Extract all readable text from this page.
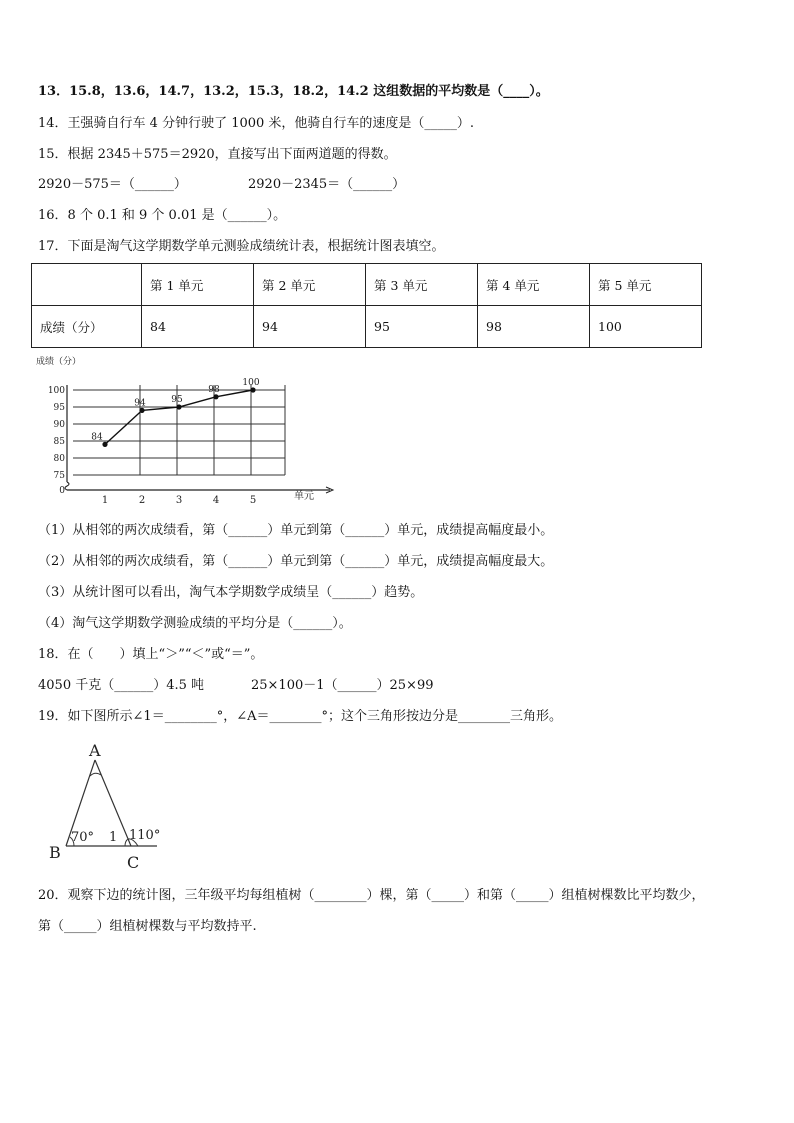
13．15.8，13.6，14.7，13.2，15.3，18.2，14.2 这组数据的平均数是（____）。
14．王强骑自行车 4 分钟行驶了 1000 米，他骑自行车的速度是（_____）.
15．根据 2345＋575＝2920，直接写出下面两道题的得数。
2920－575＝（______）	2920－2345＝（______）
16．8 个 0.1 和 9 个 0.01 是（______）。
17．下面是淘气这学期数学单元测验成绩统计表，根据统计图表填空。
	第 1 单元	第 2 单元	第 3 单元	第 4 单元	第 5 单元
成绩（分）	84	94	95	98	100
成绩（分）
单元
0
75
80
85
90
95
100
1	2	3	4	5
84
94	95
98
100
（1）从相邻的两次成绩看，第（______）单元到第（______）单元，成绩提高幅度最小。
（2）从相邻的两次成绩看，第（______）单元到第（______）单元，成绩提高幅度最大。
（3）从统计图可以看出，淘气本学期数学成绩呈（______）趋势。
（4）淘气这学期数学测验成绩的平均分是（______）。
18．在（　　）填上“＞”“＜”或“＝”。
4050 千克（______）4.5 吨	25×100－1（______）25×99
19．如下图所示∠1＝________°，∠A＝________°；这个三角形按边分是________三角形。
A
B
C
70° 1 110°
20．观察下边的统计图，三年级平均每组植树（________）棵，第（_____）和第（_____）组植树棵数比平均数少，
第（_____）组植树棵数与平均数持平.
